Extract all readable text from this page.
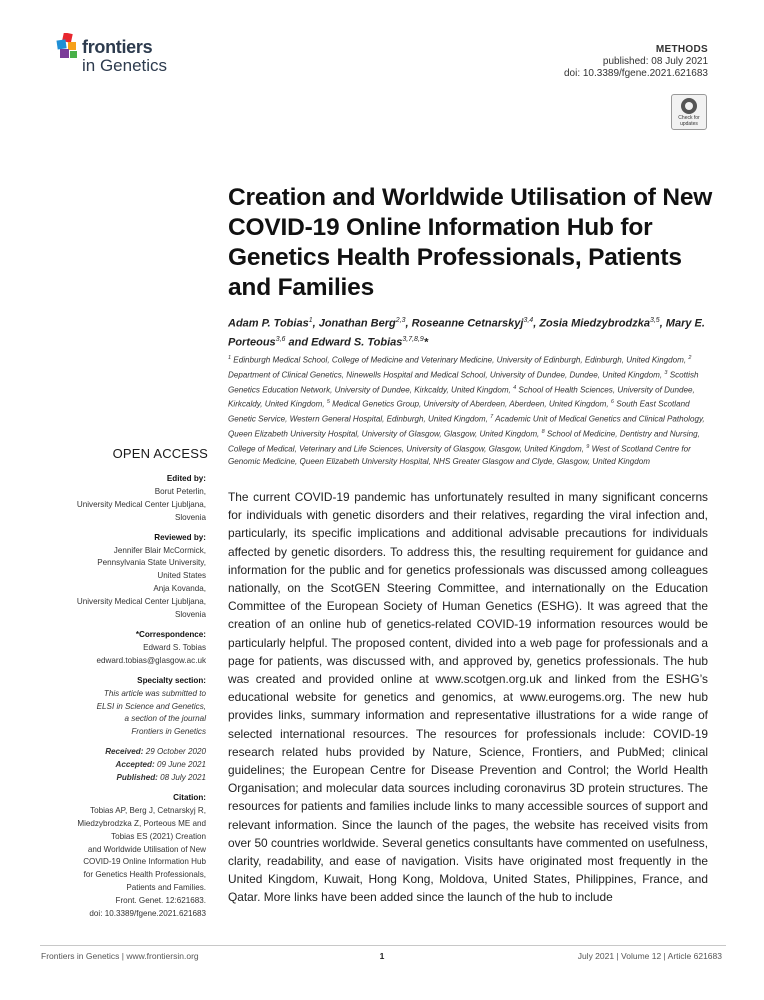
frontiers
in Genetics
METHODS
published: 08 July 2021
doi: 10.3389/fgene.2021.621683
Check for updates
Creation and Worldwide Utilisation of New COVID-19 Online Information Hub for Genetics Health Professionals, Patients and Families
Adam P. Tobias$^1$, Jonathan Berg$^{2,3}$, Roseanne Cetnarskyj$^{3,4}$, Zosia Miedzybrodzka$^{3,5}$, Mary E. Porteous$^{3,6}$ and Edward S. Tobias$^{3,7,8,9}$*
$^1$ Edinburgh Medical School, College of Medicine and Veterinary Medicine, University of Edinburgh, Edinburgh, United Kingdom, $^2$ Department of Clinical Genetics, Ninewells Hospital and Medical School, University of Dundee, Dundee, United Kingdom, $^3$ Scottish Genetics Education Network, University of Dundee, Kirkcaldy, United Kingdom, $^4$ School of Health Sciences, University of Dundee, Kirkcaldy, United Kingdom, $^5$ Medical Genetics Group, University of Aberdeen, Aberdeen, United Kingdom, $^6$ South East Scotland Genetic Service, Western General Hospital, Edinburgh, United Kingdom, $^7$ Academic Unit of Medical Genetics and Clinical Pathology, Queen Elizabeth University Hospital, University of Glasgow, Glasgow, United Kingdom, $^8$ School of Medicine, Dentistry and Nursing, College of Medical, Veterinary and Life Sciences, University of Glasgow, Glasgow, United Kingdom, $^9$ West of Scotland Centre for Genomic Medicine, Queen Elizabeth University Hospital, NHS Greater Glasgow and Clyde, Glasgow, United Kingdom
OPEN ACCESS
Edited by:
Borut Peterlin,
University Medical Center Ljubljana,
Slovenia
Reviewed by:
Jennifer Blair McCormick,
Pennsylvania State University,
United States
Anja Kovanda,
University Medical Center Ljubljana,
Slovenia
*Correspondence:
Edward S. Tobias
edward.tobias@glasgow.ac.uk
Specialty section:
This article was submitted to
ELSI in Science and Genetics,
a section of the journal
Frontiers in Genetics
Received: 29 October 2020
Accepted: 09 June 2021
Published: 08 July 2021
Citation:
Tobias AP, Berg J, Cetnarskyj R,
Miedzybrodzka Z, Porteous ME and
Tobias ES (2021) Creation
and Worldwide Utilisation of New
COVID-19 Online Information Hub
for Genetics Health Professionals,
Patients and Families.
Front. Genet. 12:621683.
doi: 10.3389/fgene.2021.621683
The current COVID-19 pandemic has unfortunately resulted in many significant concerns for individuals with genetic disorders and their relatives, regarding the viral infection and, particularly, its specific implications and additional advisable precautions for individuals affected by genetic disorders. To address this, the resulting requirement for guidance and information for the public and for genetics professionals was discussed among colleagues nationally, on the ScotGEN Steering Committee, and internationally on the Education Committee of the European Society of Human Genetics (ESHG). It was agreed that the creation of an online hub of genetics-related COVID-19 information resources would be particularly helpful. The proposed content, divided into a web page for professionals and a page for patients, was discussed with, and approved by, genetics professionals. The hub was created and provided online at www.scotgen.org.uk and linked from the ESHG’s educational website for genetics and genomics, at www.eurogems.org. The new hub provides links, summary information and representative illustrations for a wide range of selected international resources. The resources for professionals include: COVID-19 research related hubs provided by Nature, Science, Frontiers, and PubMed; clinical guidelines; the European Centre for Disease Prevention and Control; the World Health Organisation; and molecular data sources including coronavirus 3D protein structures. The resources for patients and families include links to many accessible sources of support and relevant information. Since the launch of the pages, the website has received visits from over 50 countries worldwide. Several genetics consultants have commented on usefulness, clarity, readability, and ease of navigation. Visits have originated most frequently in the United Kingdom, Kuwait, Hong Kong, Moldova, United States, Philippines, France, and Qatar. More links have been added since the launch of the hub to include
Frontiers in Genetics | www.frontiersin.org	1	July 2021 | Volume 12 | Article 621683
